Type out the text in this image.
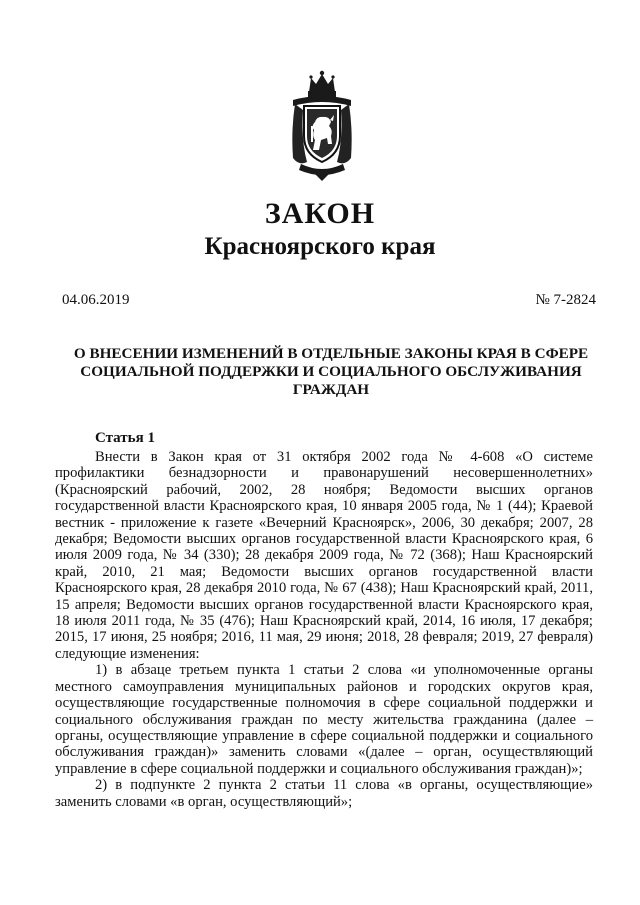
ЗАКОН
Красноярского края
04.06.2019	№ 7-2824
О ВНЕСЕНИИ ИЗМЕНЕНИЙ В ОТДЕЛЬНЫЕ ЗАКОНЫ КРАЯ В СФЕРЕ СОЦИАЛЬНОЙ ПОДДЕРЖКИ И СОЦИАЛЬНОГО ОБСЛУЖИВАНИЯ ГРАЖДАН
Статья 1

Внести в Закон края от 31 октября 2002 года № 4-608 «О системе профилактики безнадзорности и правонарушений несовершеннолетних» (Красноярский рабочий, 2002, 28 ноября; Ведомости высших органов государственной власти Красноярского края, 10 января 2005 года, № 1 (44); Краевой вестник - приложение к газете «Вечерний Красноярск», 2006, 30 декабря; 2007, 28 декабря; Ведомости высших органов государственной власти Красноярского края, 6 июля 2009 года, № 34 (330); 28 декабря 2009 года, № 72 (368); Наш Красноярский край, 2010, 21 мая; Ведомости высших органов государственной власти Красноярского края, 28 декабря 2010 года, № 67 (438); Наш Красноярский край, 2011, 15 апреля; Ведомости высших органов государственной власти Красноярского края, 18 июля 2011 года, № 35 (476); Наш Красноярский край, 2014, 16 июля, 17 декабря; 2015, 17 июня, 25 ноября; 2016, 11 мая, 29 июня; 2018, 28 февраля; 2019, 27 февраля) следующие изменения:

1) в абзаце третьем пункта 1 статьи 2 слова «и уполномоченные органы местного самоуправления муниципальных районов и городских округов края, осуществляющие государственные полномочия в сфере социальной поддержки и социального обслуживания граждан по месту жительства гражданина (далее – органы, осуществляющие управление в сфере социальной поддержки и социального обслуживания граждан)» заменить словами «(далее – орган, осуществляющий управление в сфере социальной поддержки и социального обслуживания граждан)»;

2) в подпункте 2 пункта 2 статьи 11 слова «в органы, осуществляющие» заменить словами «в орган, осуществляющий»;
